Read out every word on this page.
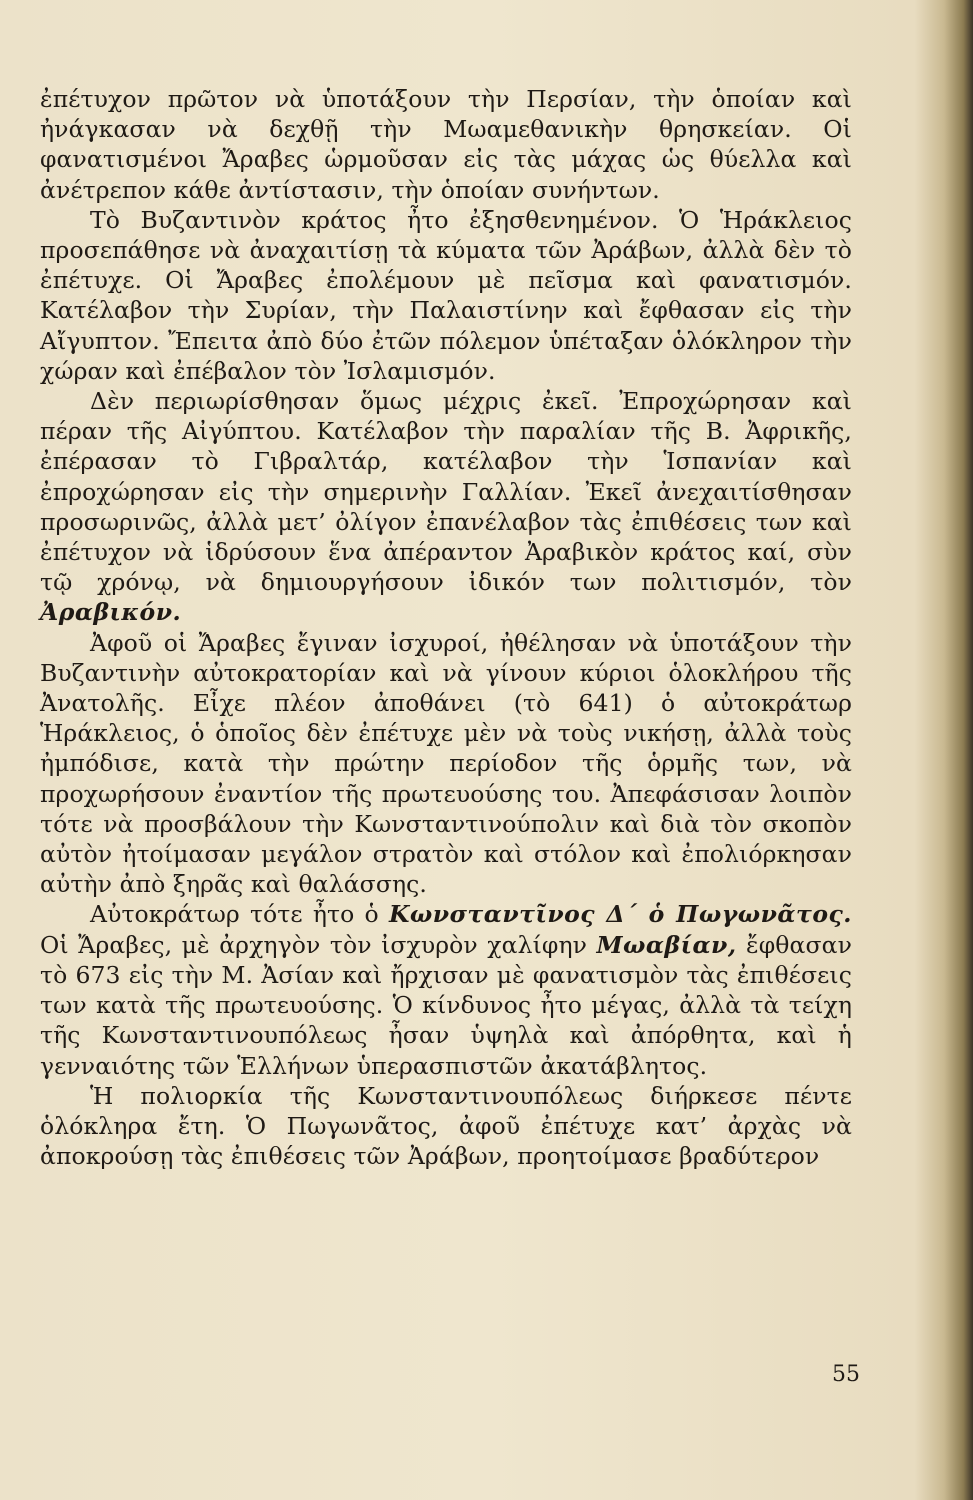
ἐπέτυχον πρῶτον νὰ ὑποτάξουν τὴν Περσίαν, τὴν ὁποίαν καὶ ἠνάγκασαν νὰ δεχθῇ τὴν Μωαμεθανικὴν θρησκείαν. Οἱ φανατισμένοι Ἄραβες ὡρμοῦσαν εἰς τὰς μάχας ὡς θύελλα καὶ ἀνέτρεπον κάθε ἀντίστασιν, τὴν ὁποίαν συνήντων.

Τὸ Βυζαντινὸν κράτος ἦτο ἐξησθενημένον. Ὁ Ἡράκλειος προσεπάθησε νὰ ἀναχαιτίσῃ τὰ κύματα τῶν Ἀράβων, ἀλλὰ δὲν τὸ ἐπέτυχε. Οἱ Ἄραβες ἐπολέμουν μὲ πεῖσμα καὶ φανατισμόν. Κατέλαβον τὴν Συρίαν, τὴν Παλαιστίνην καὶ ἔφθασαν εἰς τὴν Αἴγυπτον. Ἔπειτα ἀπὸ δύο ἐτῶν πόλεμον ὑπέταξαν ὁλόκληρον τὴν χώραν καὶ ἐπέβαλον τὸν Ἰσλαμισμόν.

Δὲν περιωρίσθησαν ὅμως μέχρις ἐκεῖ. Ἐπροχώρησαν καὶ πέραν τῆς Αἰγύπτου. Κατέλαβον τὴν παραλίαν τῆς Β. Ἀφρικῆς, ἐπέρασαν τὸ Γιβραλτάρ, κατέλαβον τὴν Ἱσπανίαν καὶ ἐπροχώρησαν εἰς τὴν σημερινὴν Γαλλίαν. Ἐκεῖ ἀνεχαιτίσθησαν προσωρινῶς, ἀλλὰ μετ’ ὀλίγον ἐπανέλαβον τὰς ἐπιθέσεις των καὶ ἐπέτυχον νὰ ἱδρύσουν ἕνα ἀπέραντον Ἀραβικὸν κράτος καί, σὺν τῷ χρόνῳ, νὰ δημιουργήσουν ἰδικόν των πολιτισμόν, τὸν Ἀραβικόν.

Ἀφοῦ οἱ Ἄραβες ἔγιναν ἰσχυροί, ἠθέλησαν νὰ ὑποτάξουν τὴν Βυζαντινὴν αὐτοκρατορίαν καὶ νὰ γίνουν κύριοι ὁλοκλήρου τῆς Ἀνατολῆς. Εἶχε πλέον ἀποθάνει (τὸ 641) ὁ αὐτοκράτωρ Ἡράκλειος, ὁ ὁποῖος δὲν ἐπέτυχε μὲν νὰ τοὺς νικήσῃ, ἀλλὰ τοὺς ἠμπόδισε, κατὰ τὴν πρώτην περίοδον τῆς ὁρμῆς των, νὰ προχωρήσουν ἐναντίον τῆς πρωτευούσης του. Ἀπεφάσισαν λοιπὸν τότε νὰ προσβάλουν τὴν Κωνσταντινούπολιν καὶ διὰ τὸν σκοπὸν αὐτὸν ἠτοίμασαν μεγάλον στρατὸν καὶ στόλον καὶ ἐπολιόρκησαν αὐτὴν ἀπὸ ξηρᾶς καὶ θαλάσσης.

Αὐτοκράτωρ τότε ἦτο ὁ Κωνσταντῖνος Δ΄ ὁ Πωγωνᾶτος. Οἱ Ἄραβες, μὲ ἀρχηγὸν τὸν ἰσχυρὸν χαλίφην Μωαβίαν, ἔφθασαν τὸ 673 εἰς τὴν Μ. Ἀσίαν καὶ ἤρχισαν μὲ φανατισμὸν τὰς ἐπιθέσεις των κατὰ τῆς πρωτευούσης. Ὁ κίνδυνος ἦτο μέγας, ἀλλὰ τὰ τείχη τῆς Κωνσταντινουπόλεως ἦσαν ὑψηλὰ καὶ ἀπόρθητα, καὶ ἡ γενναιότης τῶν Ἑλλήνων ὑπερασπιστῶν ἀκατάβλητος.

Ἡ πολιορκία τῆς Κωνσταντινουπόλεως διήρκεσε πέντε ὁλόκληρα ἔτη. Ὁ Πωγωνᾶτος, ἀφοῦ ἐπέτυχε κατ’ ἀρχὰς νὰ ἀποκρούσῃ τὰς ἐπιθέσεις τῶν Ἀράβων, προητοίμασε βραδύτερον

55
